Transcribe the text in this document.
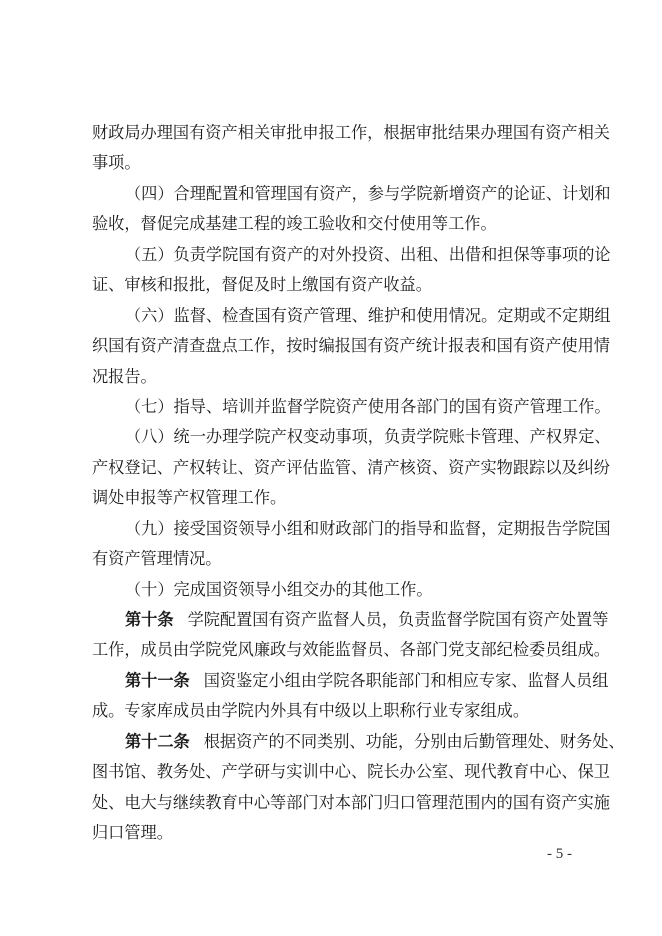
财政局办理国有资产相关审批申报工作，根据审批结果办理国有资产相关
事项。
（四）合理配置和管理国有资产，参与学院新增资产的论证、计划和
验收，督促完成基建工程的竣工验收和交付使用等工作。
（五）负责学院国有资产的对外投资、出租、出借和担保等事项的论
证、审核和报批，督促及时上缴国有资产收益。
（六）监督、检查国有资产管理、维护和使用情况。定期或不定期组
织国有资产清查盘点工作，按时编报国有资产统计报表和国有资产使用情
况报告。
（七）指导、培训并监督学院资产使用各部门的国有资产管理工作。
（八）统一办理学院产权变动事项，负责学院账卡管理、产权界定、
产权登记、产权转让、资产评估监管、清产核资、资产实物跟踪以及纠纷
调处申报等产权管理工作。
（九）接受国资领导小组和财政部门的指导和监督，定期报告学院国
有资产管理情况。
（十）完成国资领导小组交办的其他工作。
第十条 学院配置国有资产监督人员，负责监督学院国有资产处置等
工作，成员由学院党风廉政与效能监督员、各部门党支部纪检委员组成。
第十一条 国资鉴定小组由学院各职能部门和相应专家、监督人员组
成。专家库成员由学院内外具有中级以上职称行业专家组成。
第十二条 根据资产的不同类别、功能，分别由后勤管理处、财务处、
图书馆、教务处、产学研与实训中心、院长办公室、现代教育中心、保卫
处、电大与继续教育中心等部门对本部门归口管理范围内的国有资产实施
归口管理。
- 5 -
